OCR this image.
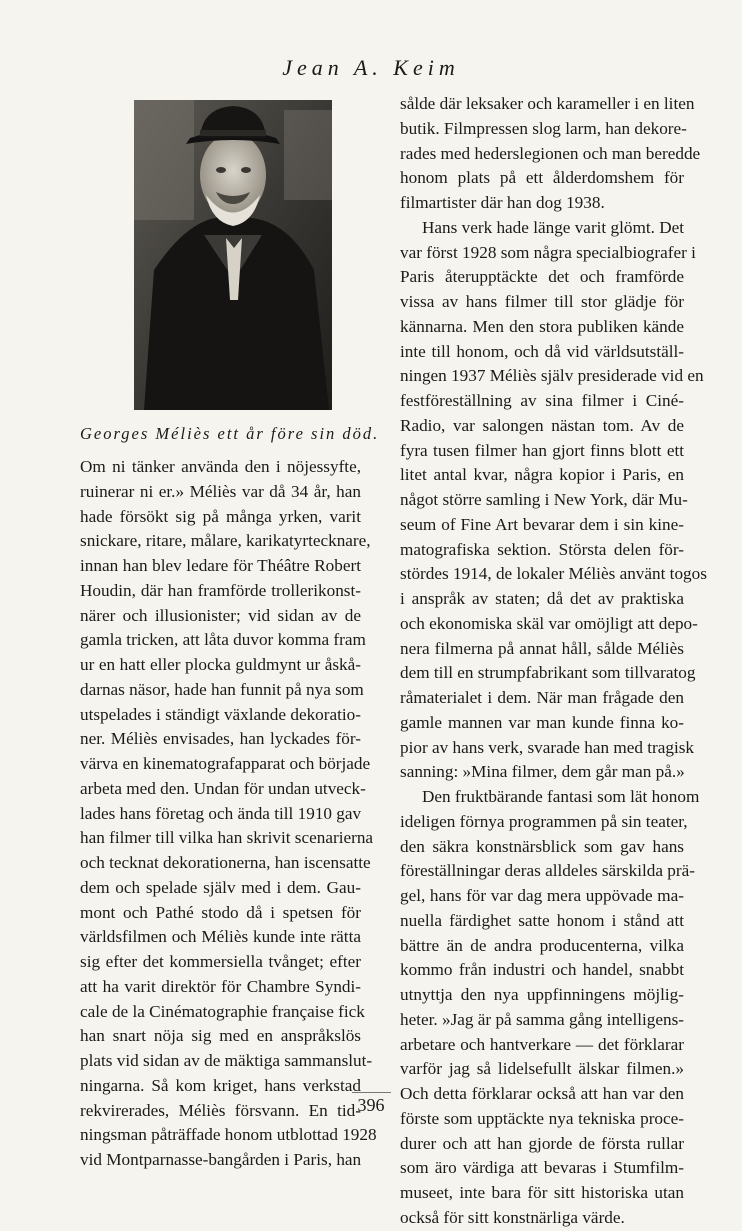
Jean A. Keim
Georges Méliès ett år före sin död.
Om ni tänker använda den i nöjessyfte,
ruinerar ni er.» Méliès var då 34 år, han
hade försökt sig på många yrken, varit
snickare, ritare, målare, karikatyrtecknare,
innan han blev ledare för Théâtre Robert
Houdin, där han framförde trollerikonst-
närer och illusionister; vid sidan av de
gamla tricken, att låta duvor komma fram
ur en hatt eller plocka guldmynt ur åskå-
darnas näsor, hade han funnit på nya som
utspelades i ständigt växlande dekoratio-
ner. Méliès envisades, han lyckades för-
värva en kinematografapparat och började
arbeta med den. Undan för undan utveck-
lades hans företag och ända till 1910 gav
han filmer till vilka han skrivit scenarierna
och tecknat dekorationerna, han iscensatte
dem och spelade själv med i dem. Gau-
mont och Pathé stodo då i spetsen för
världsfilmen och Méliès kunde inte rätta
sig efter det kommersiella tvånget; efter
att ha varit direktör för Chambre Syndi-
cale de la Cinématographie française fick
han snart nöja sig med en anspråkslös
plats vid sidan av de mäktiga sammanslut-
ningarna. Så kom kriget, hans verkstad
rekvirerades, Méliès försvann. En tid-
ningsman påträffade honom utblottad 1928
vid Montparnasse-bangården i Paris, han
sålde där leksaker och karameller i en liten
butik. Filmpressen slog larm, han dekore-
rades med hederslegionen och man beredde
honom plats på ett ålderdomshem för
filmartister där han dog 1938.
Hans verk hade länge varit glömt. Det
var först 1928 som några specialbiografer i
Paris återupptäckte det och framförde
vissa av hans filmer till stor glädje för
kännarna. Men den stora publiken kände
inte till honom, och då vid världsutställ-
ningen 1937 Méliès själv presiderade vid en
festföreställning av sina filmer i Ciné-
Radio, var salongen nästan tom. Av de
fyra tusen filmer han gjort finns blott ett
litet antal kvar, några kopior i Paris, en
något större samling i New York, där Mu-
seum of Fine Art bevarar dem i sin kine-
matografiska sektion. Största delen för-
stördes 1914, de lokaler Méliès använt togos
i anspråk av staten; då det av praktiska
och ekonomiska skäl var omöjligt att depo-
nera filmerna på annat håll, sålde Méliès
dem till en strumpfabrikant som tillvaratog
råmaterialet i dem. När man frågade den
gamle mannen var man kunde finna ko-
pior av hans verk, svarade han med tragisk
sanning: »Mina filmer, dem går man på.»
Den fruktbärande fantasi som lät honom
ideligen förnya programmen på sin teater,
den säkra konstnärsblick som gav hans
föreställningar deras alldeles särskilda prä-
gel, hans för var dag mera uppövade ma-
nuella färdighet satte honom i stånd att
bättre än de andra producenterna, vilka
kommo från industri och handel, snabbt
utnyttja den nya uppfinningens möjlig-
heter. »Jag är på samma gång intelligens-
arbetare och hantverkare — det förklarar
varför jag så lidelsefullt älskar filmen.»
Och detta förklarar också att han var den
förste som upptäckte nya tekniska proce-
durer och att han gjorde de första rullar
som äro värdiga att bevaras i Stumfilm-
museet, inte bara för sitt historiska utan
också för sitt konstnärliga värde.
396
